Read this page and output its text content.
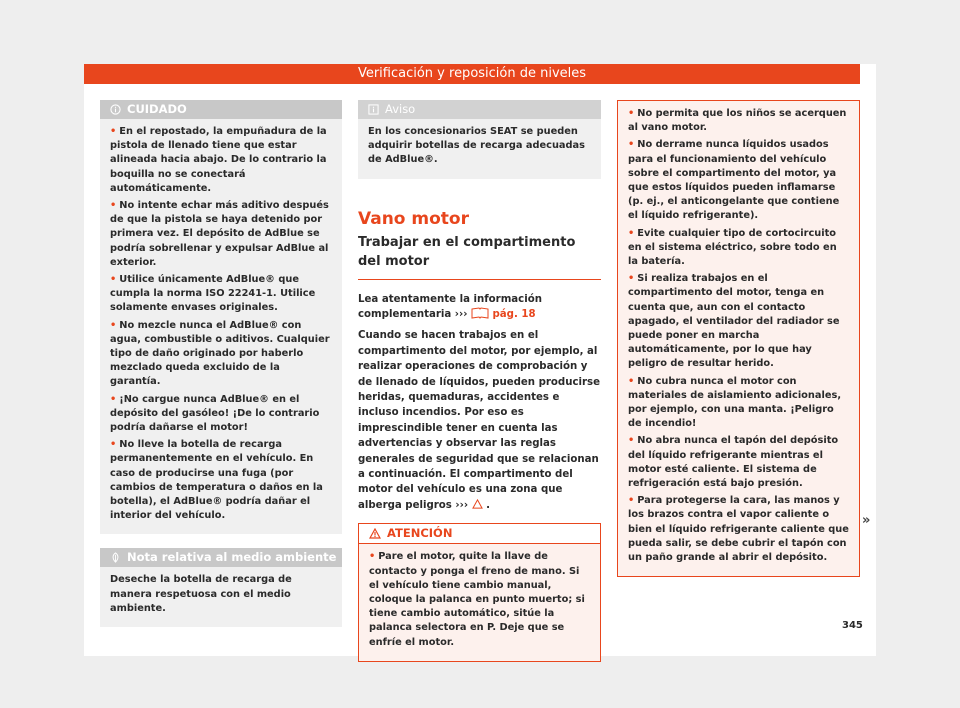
Verificación y reposición de niveles
CUIDADO

• En el repostado, la empuñadura de la pistola de llenado tiene que estar alineada hacia abajo. De lo contrario la boquilla no se conectará automáticamente.

• No intente echar más aditivo después de que la pistola se haya detenido por primera vez. El depósito de AdBlue se podría sobrellenar y expulsar AdBlue al exterior.

• Utilice únicamente AdBlue® que cumpla la norma ISO 22241-1. Utilice solamente envases originales.

• No mezcle nunca el AdBlue® con agua, combustible o aditivos. Cualquier tipo de daño originado por haberlo mezclado queda excluido de la garantía.

• ¡No cargue nunca AdBlue® en el depósito del gasóleo! ¡De lo contrario podría dañarse el motor!

• No lleve la botella de recarga permanentemente en el vehículo. En caso de producirse una fuga (por cambios de temperatura o daños en la botella), el AdBlue® podría dañar el interior del vehículo.

Nota relativa al medio ambiente

Deseche la botella de recarga de manera respetuosa con el medio ambiente.

Aviso

En los concesionarios SEAT se pueden adquirir botellas de recarga adecuadas de AdBlue®.

Vano motor
Trabajar en el compartimento del motor

Lea atentamente la información complementaria ››› pág. 18

Cuando se hacen trabajos en el compartimento del motor, por ejemplo, al realizar operaciones de comprobación y de llenado de líquidos, pueden producirse heridas, quemaduras, accidentes e incluso incendios. Por eso es imprescindible tener en cuenta las advertencias y observar las reglas generales de seguridad que se relacionan a continuación. El compartimento del motor del vehículo es una zona que alberga peligros ››› .

ATENCIÓN

• Pare el motor, quite la llave de contacto y ponga el freno de mano. Si el vehículo tiene cambio manual, coloque la palanca en punto muerto; si tiene cambio automático, sitúe la palanca selectora en P. Deje que se enfríe el motor.

• No permita que los niños se acerquen al vano motor.

• No derrame nunca líquidos usados para el funcionamiento del vehículo sobre el compartimento del motor, ya que estos líquidos pueden inflamarse (p. ej., el anticongelante que contiene el líquido refrigerante).

• Evite cualquier tipo de cortocircuito en el sistema eléctrico, sobre todo en la batería.

• Si realiza trabajos en el compartimento del motor, tenga en cuenta que, aun con el contacto apagado, el ventilador del radiador se puede poner en marcha automáticamente, por lo que hay peligro de resultar herido.

• No cubra nunca el motor con materiales de aislamiento adicionales, por ejemplo, con una manta. ¡Peligro de incendio!

• No abra nunca el tapón del depósito del líquido refrigerante mientras el motor esté caliente. El sistema de refrigeración está bajo presión.

• Para protegerse la cara, las manos y los brazos contra el vapor caliente o bien el líquido refrigerante caliente que pueda salir, se debe cubrir el tapón con un paño grande al abrir el depósito.

»
345
